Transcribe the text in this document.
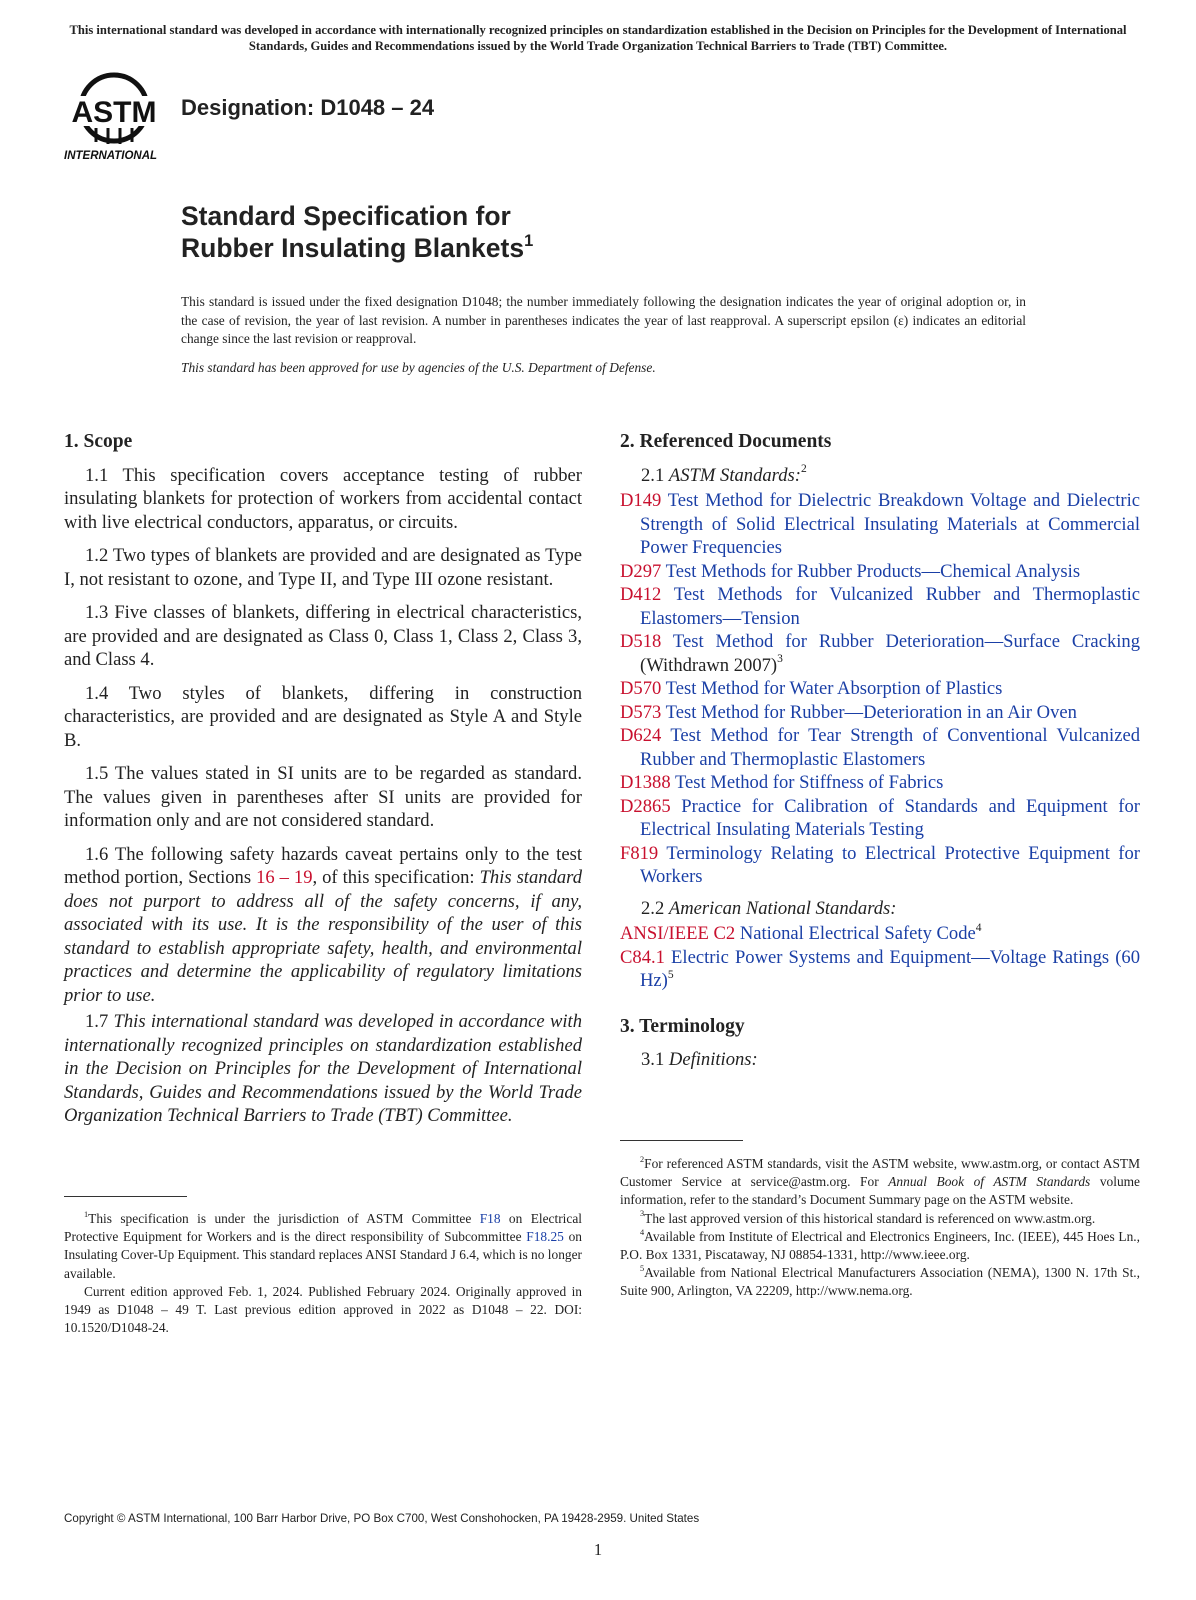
This international standard was developed in accordance with internationally recognized principles on standardization established in the Decision on Principles for the Development of International Standards, Guides and Recommendations issued by the World Trade Organization Technical Barriers to Trade (TBT) Committee.
ASTM
INTERNATIONAL
Designation: D1048 – 24
Standard Specification for
Rubber Insulating Blankets$^1$
This standard is issued under the fixed designation D1048; the number immediately following the designation indicates the year of original adoption or, in the case of revision, the year of last revision. A number in parentheses indicates the year of last reapproval. A superscript epsilon (ε) indicates an editorial change since the last revision or reapproval.
This standard has been approved for use by agencies of the U.S. Department of Defense.
1. Scope

1.1 This specification covers acceptance testing of rubber insulating blankets for protection of workers from accidental contact with live electrical conductors, apparatus, or circuits.

1.2 Two types of blankets are provided and are designated as Type I, not resistant to ozone, and Type II, and Type III ozone resistant.

1.3 Five classes of blankets, differing in electrical characteristics, are provided and are designated as Class 0, Class 1, Class 2, Class 3, and Class 4.

1.4 Two styles of blankets, differing in construction characteristics, are provided and are designated as Style A and Style B.

1.5 The values stated in SI units are to be regarded as standard. The values given in parentheses after SI units are provided for information only and are not considered standard.

1.6 The following safety hazards caveat pertains only to the test method portion, Sections 16 – 19, of this specification: This standard does not purport to address all of the safety concerns, if any, associated with its use. It is the responsibility of the user of this standard to establish appropriate safety, health, and environmental practices and determine the applicability of regulatory limitations prior to use.

1.7 This international standard was developed in accordance with internationally recognized principles on standardization established in the Decision on Principles for the Development of International Standards, Guides and Recommendations issued by the World Trade Organization Technical Barriers to Trade (TBT) Committee.

$^1$This specification is under the jurisdiction of ASTM Committee F18 on Electrical Protective Equipment for Workers and is the direct responsibility of Subcommittee F18.25 on Insulating Cover-Up Equipment. This standard replaces ANSI Standard J 6.4, which is no longer available.

Current edition approved Feb. 1, 2024. Published February 2024. Originally approved in 1949 as D1048 – 49 T. Last previous edition approved in 2022 as D1048 – 22. DOI: 10.1520/D1048-24.

2. Referenced Documents
2.1 ASTM Standards:$^2$

D149 Test Method for Dielectric Breakdown Voltage and Dielectric Strength of Solid Electrical Insulating Materials at Commercial Power Frequencies

D297 Test Methods for Rubber Products—Chemical Analysis

D412 Test Methods for Vulcanized Rubber and Thermoplastic Elastomers—Tension

D518 Test Method for Rubber Deterioration—Surface Cracking (Withdrawn 2007)$^3$

D570 Test Method for Water Absorption of Plastics

D573 Test Method for Rubber—Deterioration in an Air Oven

D624 Test Method for Tear Strength of Conventional Vulcanized Rubber and Thermoplastic Elastomers

D1388 Test Method for Stiffness of Fabrics

D2865 Practice for Calibration of Standards and Equipment for Electrical Insulating Materials Testing

F819 Terminology Relating to Electrical Protective Equipment for Workers

2.2 American National Standards:

ANSI/IEEE C2 National Electrical Safety Code$^4$

C84.1 Electric Power Systems and Equipment—Voltage Ratings (60 Hz)$^5$

3. Terminology
3.1 Definitions:

$^2$For referenced ASTM standards, visit the ASTM website, www.astm.org, or contact ASTM Customer Service at service@astm.org. For Annual Book of ASTM Standards volume information, refer to the standard’s Document Summary page on the ASTM website.

$^3$The last approved version of this historical standard is referenced on www.astm.org.

$^4$Available from Institute of Electrical and Electronics Engineers, Inc. (IEEE), 445 Hoes Ln., P.O. Box 1331, Piscataway, NJ 08854-1331, http://www.ieee.org.

$^5$Available from National Electrical Manufacturers Association (NEMA), 1300 N. 17th St., Suite 900, Arlington, VA 22209, http://www.nema.org.

Copyright © ASTM International, 100 Barr Harbor Drive, PO Box C700, West Conshohocken, PA 19428-2959. United States
1
